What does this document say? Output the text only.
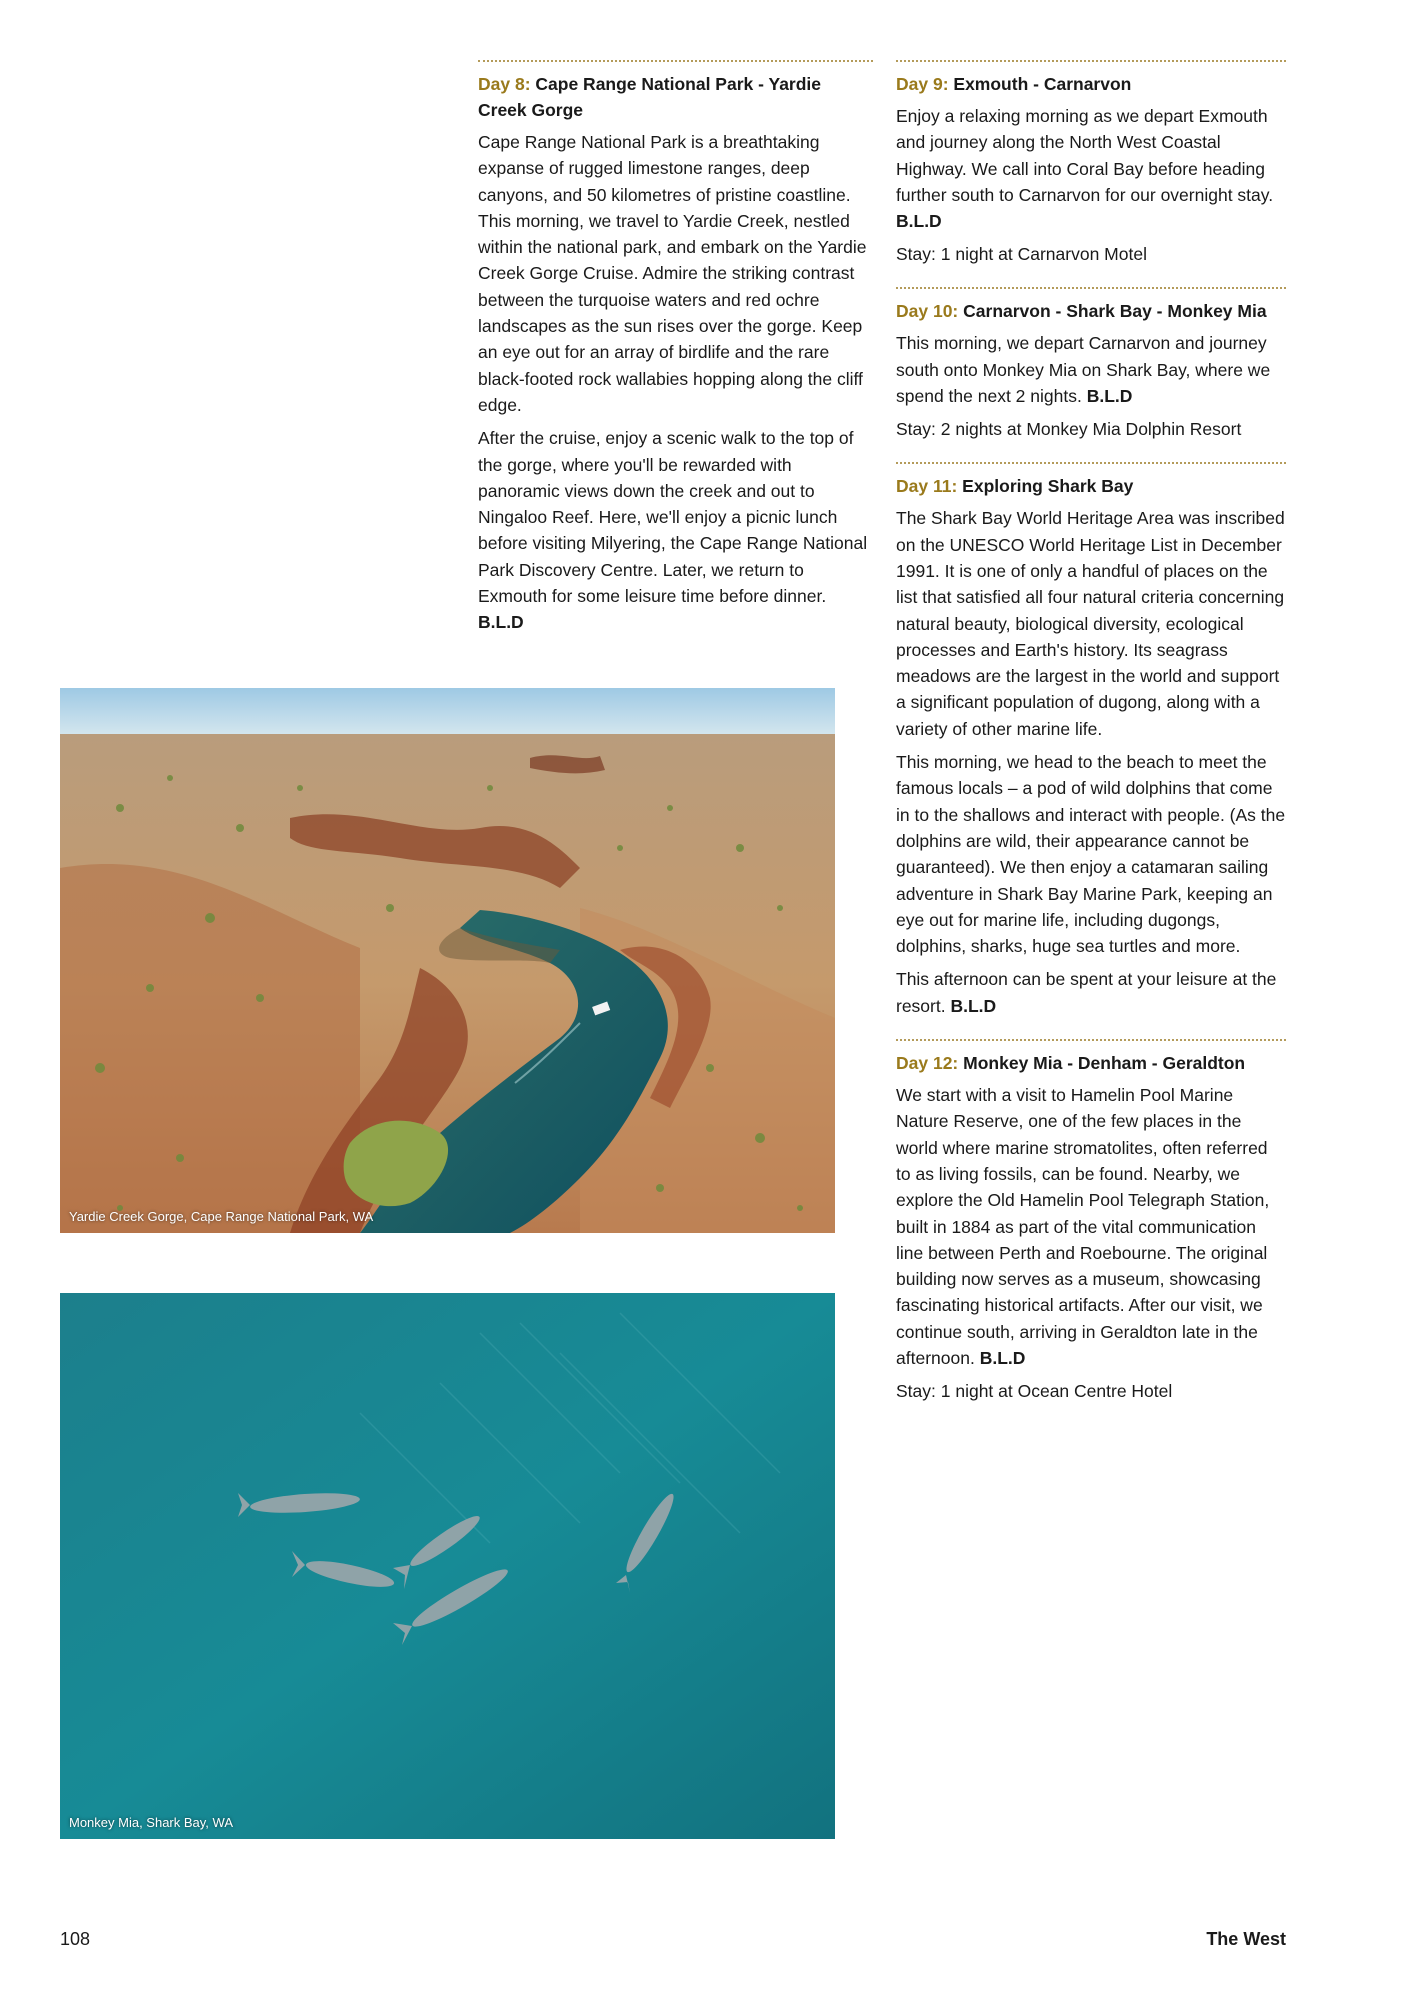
Day 8: Cape Range National Park - Yardie Creek Gorge

Cape Range National Park is a breathtaking expanse of rugged limestone ranges, deep canyons, and 50 kilometres of pristine coastline. This morning, we travel to Yardie Creek, nestled within the national park, and embark on the Yardie Creek Gorge Cruise. Admire the striking contrast between the turquoise waters and red ochre landscapes as the sun rises over the gorge. Keep an eye out for an array of birdlife and the rare black-footed rock wallabies hopping along the cliff edge.

After the cruise, enjoy a scenic walk to the top of the gorge, where you'll be rewarded with panoramic views down the creek and out to Ningaloo Reef. Here, we'll enjoy a picnic lunch before visiting Milyering, the Cape Range National Park Discovery Centre. Later, we return to Exmouth for some leisure time before dinner. B.L.D

Day 9: Exmouth - Carnarvon

Enjoy a relaxing morning as we depart Exmouth and journey along the North West Coastal Highway. We call into Coral Bay before heading further south to Carnarvon for our overnight stay. B.L.D

Stay: 1 night at Carnarvon Motel

Day 10: Carnarvon - Shark Bay - Monkey Mia

This morning, we depart Carnarvon and journey south onto Monkey Mia on Shark Bay, where we spend the next 2 nights. B.L.D

Stay: 2 nights at Monkey Mia Dolphin Resort

Day 11: Exploring Shark Bay

The Shark Bay World Heritage Area was inscribed on the UNESCO World Heritage List in December 1991. It is one of only a handful of places on the list that satisfied all four natural criteria concerning natural beauty, biological diversity, ecological processes and Earth's history. Its seagrass meadows are the largest in the world and support a significant population of dugong, along with a variety of other marine life.

This morning, we head to the beach to meet the famous locals – a pod of wild dolphins that come in to the shallows and interact with people. (As the dolphins are wild, their appearance cannot be guaranteed). We then enjoy a catamaran sailing adventure in Shark Bay Marine Park, keeping an eye out for marine life, including dugongs, dolphins, sharks, huge sea turtles and more.

This afternoon can be spent at your leisure at the resort. B.L.D

Day 12: Monkey Mia - Denham - Geraldton

We start with a visit to Hamelin Pool Marine Nature Reserve, one of the few places in the world where marine stromatolites, often referred to as living fossils, can be found. Nearby, we explore the Old Hamelin Pool Telegraph Station, built in 1884 as part of the vital communication line between Perth and Roebourne. The original building now serves as a museum, showcasing fascinating historical artifacts. After our visit, we continue south, arriving in Geraldton late in the afternoon. B.L.D

Stay: 1 night at Ocean Centre Hotel

Yardie Creek Gorge, Cape Range National Park, WA
Monkey Mia, Shark Bay, WA
108	The West
